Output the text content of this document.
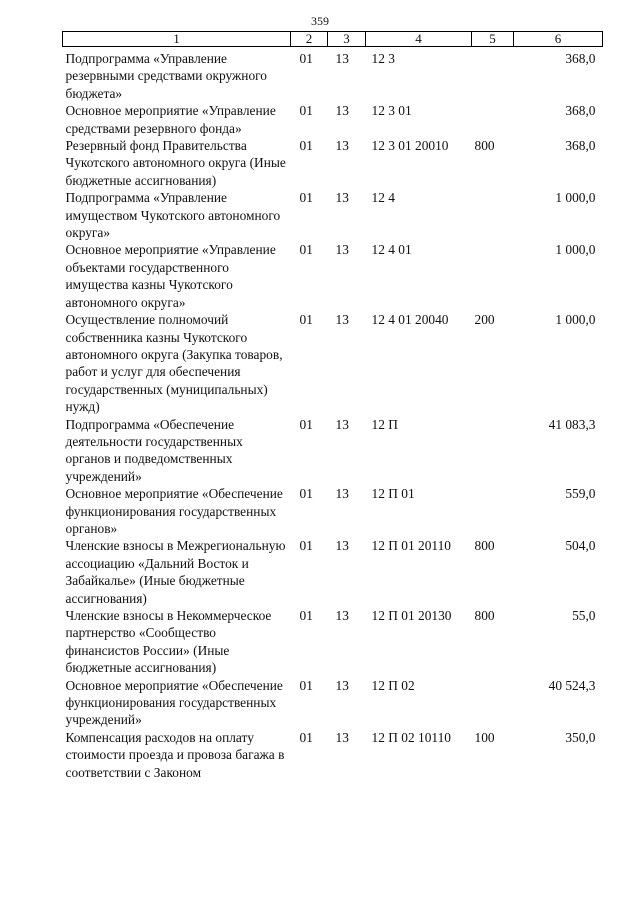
359
1	2	3	4	5	6
Подпрограмма «Управление резервными средствами окружного бюджета»	01	13	12 3		368,0
Основное мероприятие «Управление средствами резервного фонда»	01	13	12 3 01		368,0
Резервный фонд Правительства Чукотского автономного округа (Иные бюджетные ассигнования)	01	13	12 3 01 20010	800	368,0
Подпрограмма «Управление имуществом Чукотского автономного округа»	01	13	12 4		1 000,0
Основное мероприятие «Управление объектами государственного имущества казны Чукотского автономного округа»	01	13	12 4 01		1 000,0
Осуществление полномочий собственника казны Чукотского автономного округа (Закупка товаров, работ и услуг для обеспечения государственных (муниципальных) нужд)	01	13	12 4 01 20040	200	1 000,0
Подпрограмма «Обеспечение деятельности государственных органов и подведомственных учреждений»	01	13	12 П		41 083,3
Основное мероприятие «Обеспечение функционирования государственных органов»	01	13	12 П 01		559,0
Членские взносы в Межрегиональную ассоциацию «Дальний Восток и Забайкалье» (Иные бюджетные ассигнования)	01	13	12 П 01 20110	800	504,0
Членские взносы в Некоммерческое партнерство «Сообщество финансистов России» (Иные бюджетные ассигнования)	01	13	12 П 01 20130	800	55,0
Основное мероприятие «Обеспечение функционирования государственных учреждений»	01	13	12 П 02		40 524,3
Компенсация расходов на оплату стоимости проезда и провоза багажа в соответствии с Законом	01	13	12 П 02 10110	100	350,0
